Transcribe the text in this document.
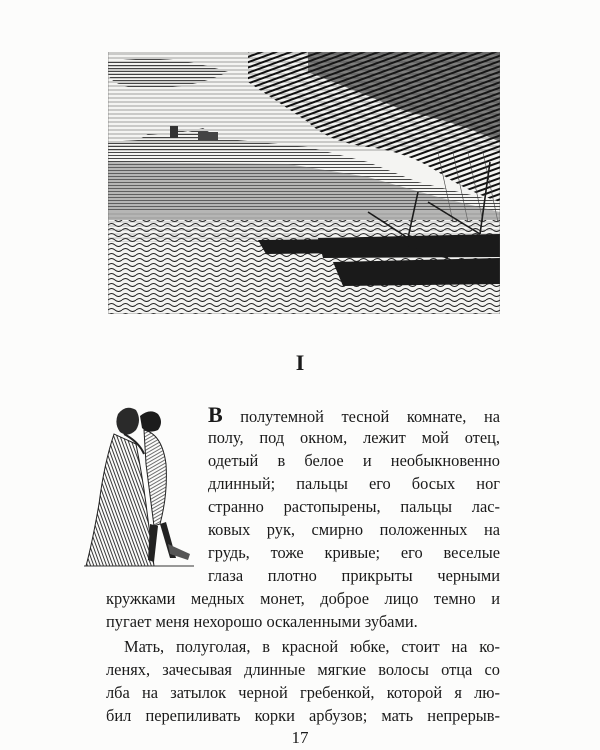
I
17
В полутемной тесной комнате, на
полу, под окном, лежит мой отец,
одетый в белое и необыкновенно
длинный; пальцы его босых ног
странно растопырены, пальцы лас-
ковых рук, смирно положенных на
грудь, тоже кривые; его веселые
глаза плотно прикрыты черными
кружками медных монет, доброе лицо темно и
пугает меня нехорошо оскаленными зубами.
Мать, полуголая, в красной юбке, стоит на ко-
ленях, зачесывая длинные мягкие волосы отца со
лба на затылок черной гребенкой, которой я лю-
бил перепиливать корки арбузов; мать непрерыв-
